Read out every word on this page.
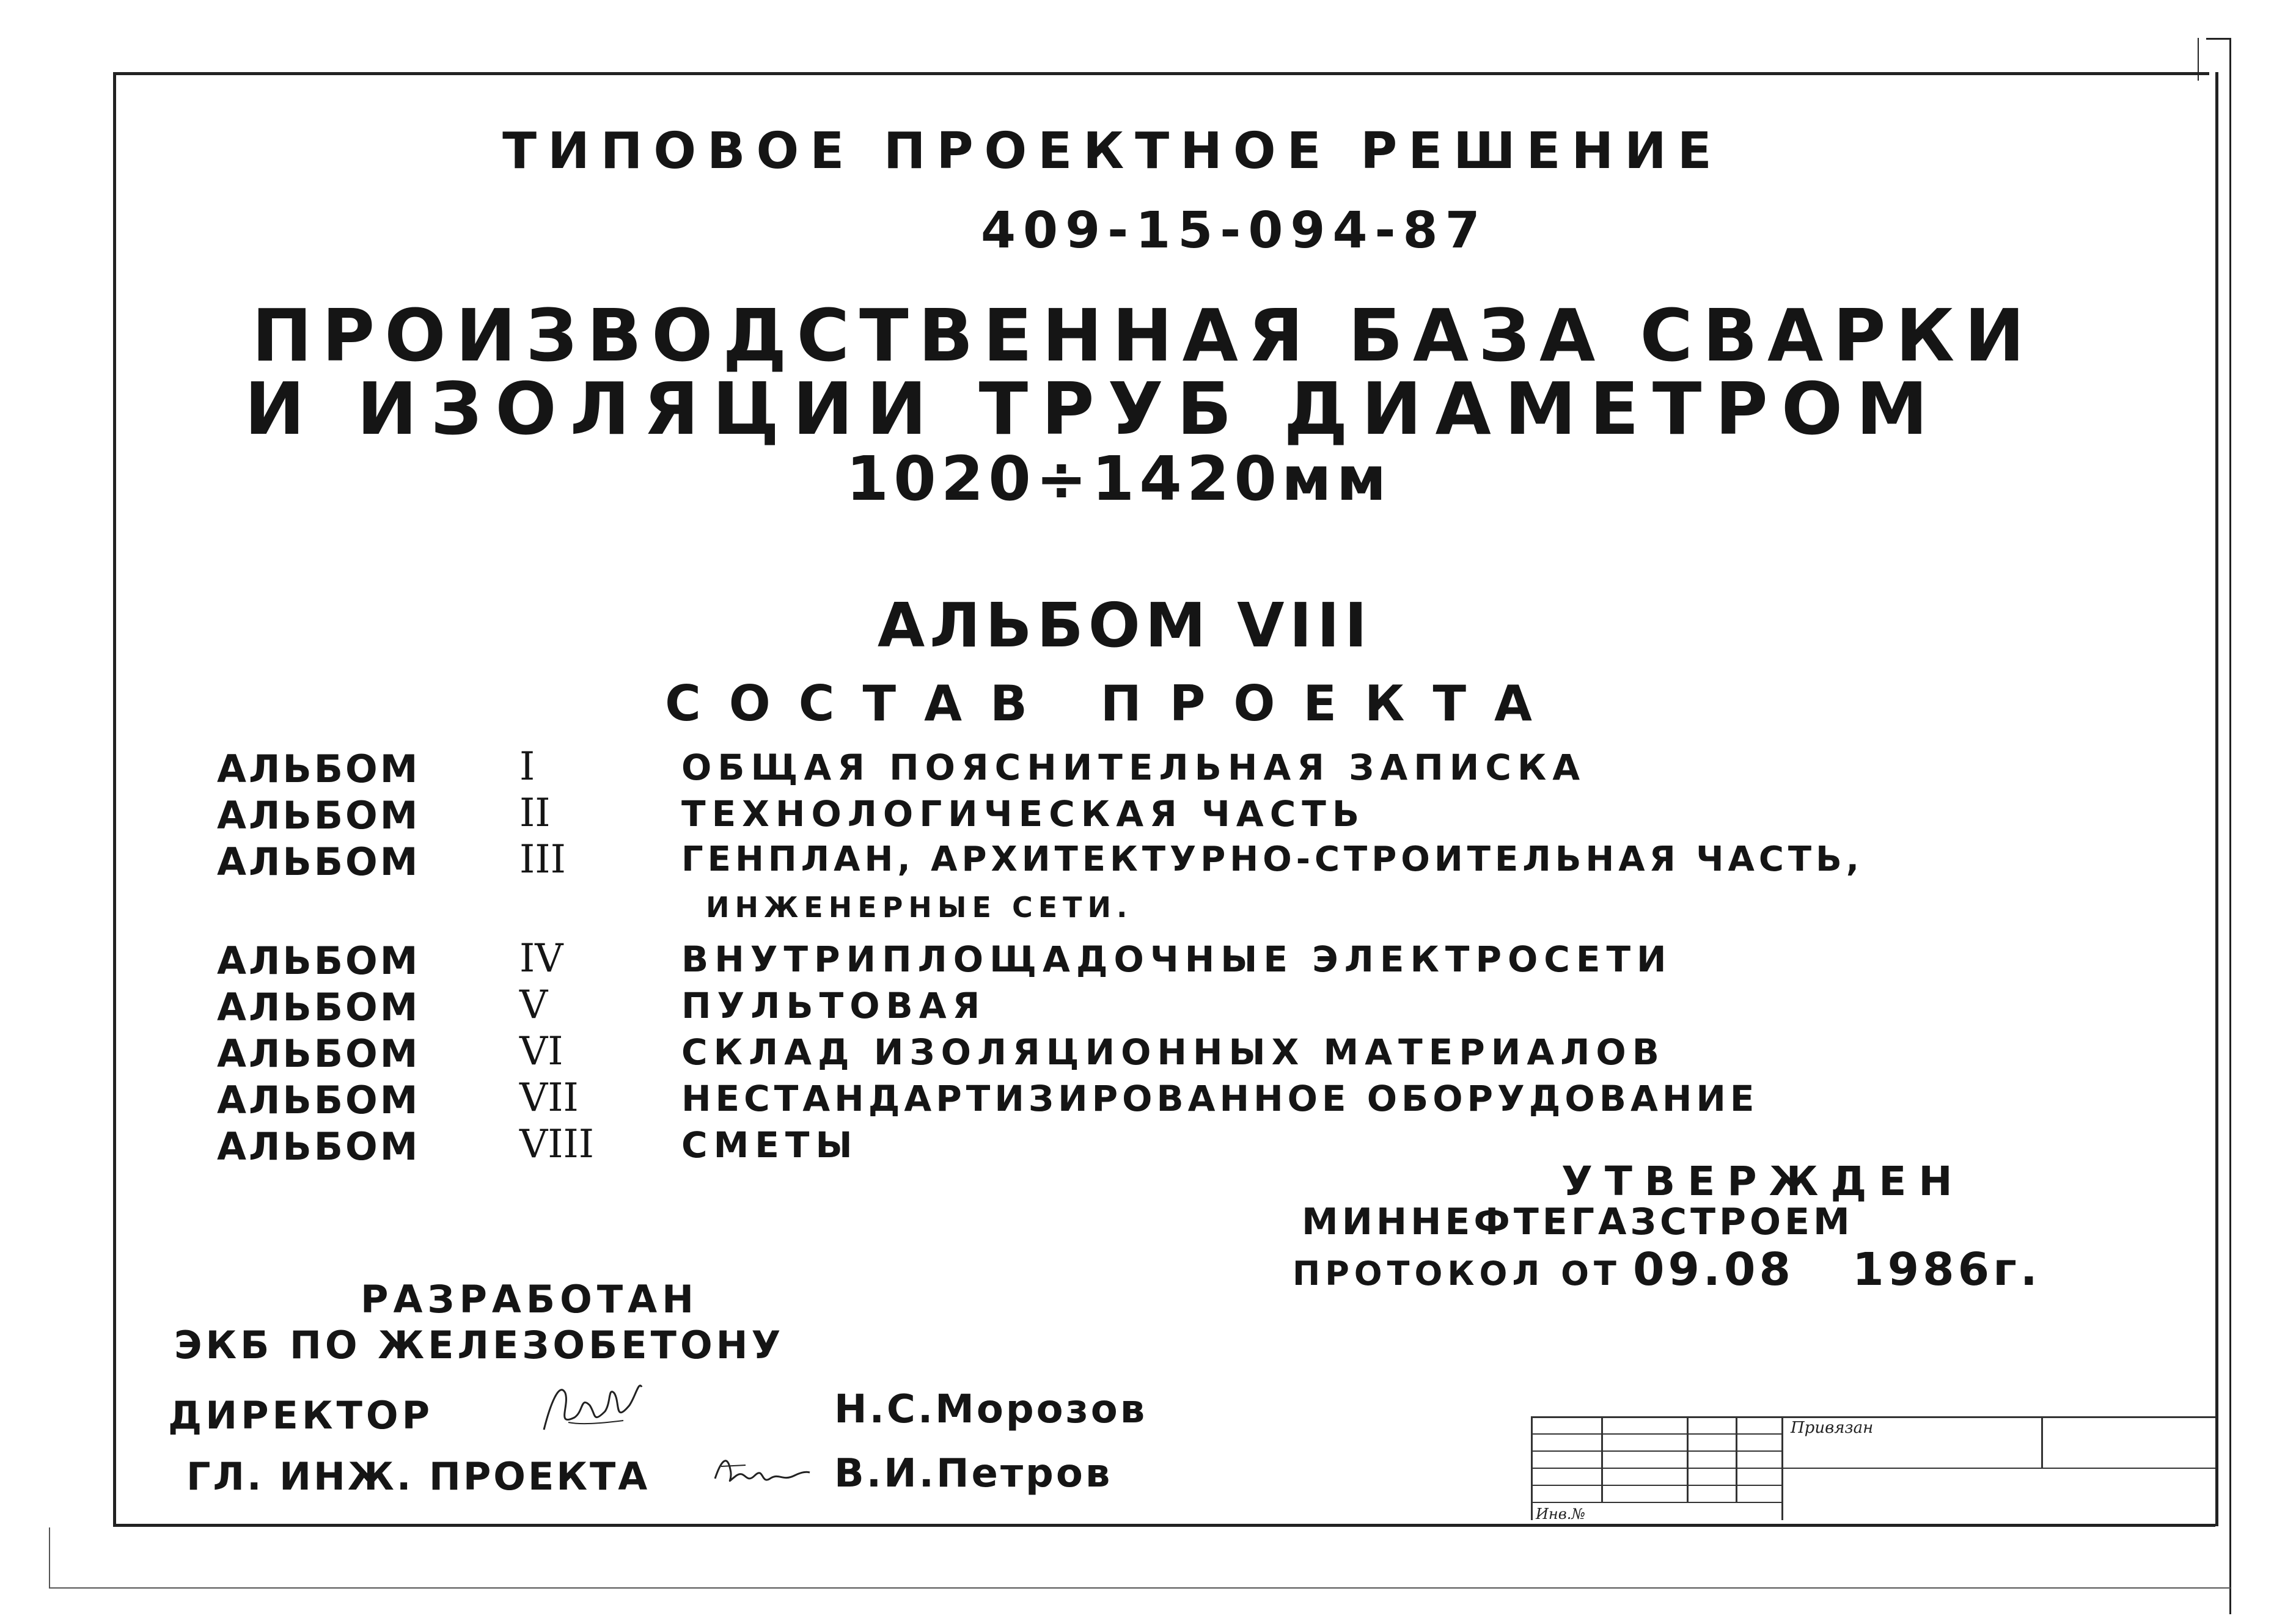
ТИПОВОЕ ПРОЕКТНОЕ РЕШЕНИЕ
409-15-094-87
ПРОИЗВОДСТВЕННАЯ БАЗА СВАРКИ
И ИЗОЛЯЦИИ ТРУБ ДИАМЕТРОМ
1020÷1420мм
АЛЬБОМ VIII
СОСТАВ ПРОЕКТА
АЛЬБОМ	I	ОБЩАЯ ПОЯСНИТЕЛЬНАЯ ЗАПИСКА
АЛЬБОМ	II	ТЕХНОЛОГИЧЕСКАЯ ЧАСТЬ
АЛЬБОМ	III	ГЕНПЛАН, АРХИТЕКТУРНО-СТРОИТЕЛЬНАЯ ЧАСТЬ,
ИНЖЕНЕРНЫЕ СЕТИ.
АЛЬБОМ	IV	ВНУТРИПЛОЩАДОЧНЫЕ ЭЛЕКТРОСЕТИ
АЛЬБОМ	V	ПУЛЬТОВАЯ
АЛЬБОМ	VI	СКЛАД ИЗОЛЯЦИОННЫХ МАТЕРИАЛОВ
АЛЬБОМ	VII	НЕСТАНДАРТИЗИРОВАННОЕ ОБОРУДОВАНИЕ
АЛЬБОМ	VIII СМЕТЫ
УТВЕРЖДЕН
МИННЕФТЕГАЗСТРОЕМ
ПРОТОКОЛ ОТ 09.08 1986г.
РАЗРАБОТАН
ЭКБ ПО ЖЕЛЕЗОБЕТОНУ
ДИРЕКТОР	Н.С.Морозов
ГЛ. ИНЖ. ПРОЕКТА	В.И.Петров
Привязан
Инв.№
